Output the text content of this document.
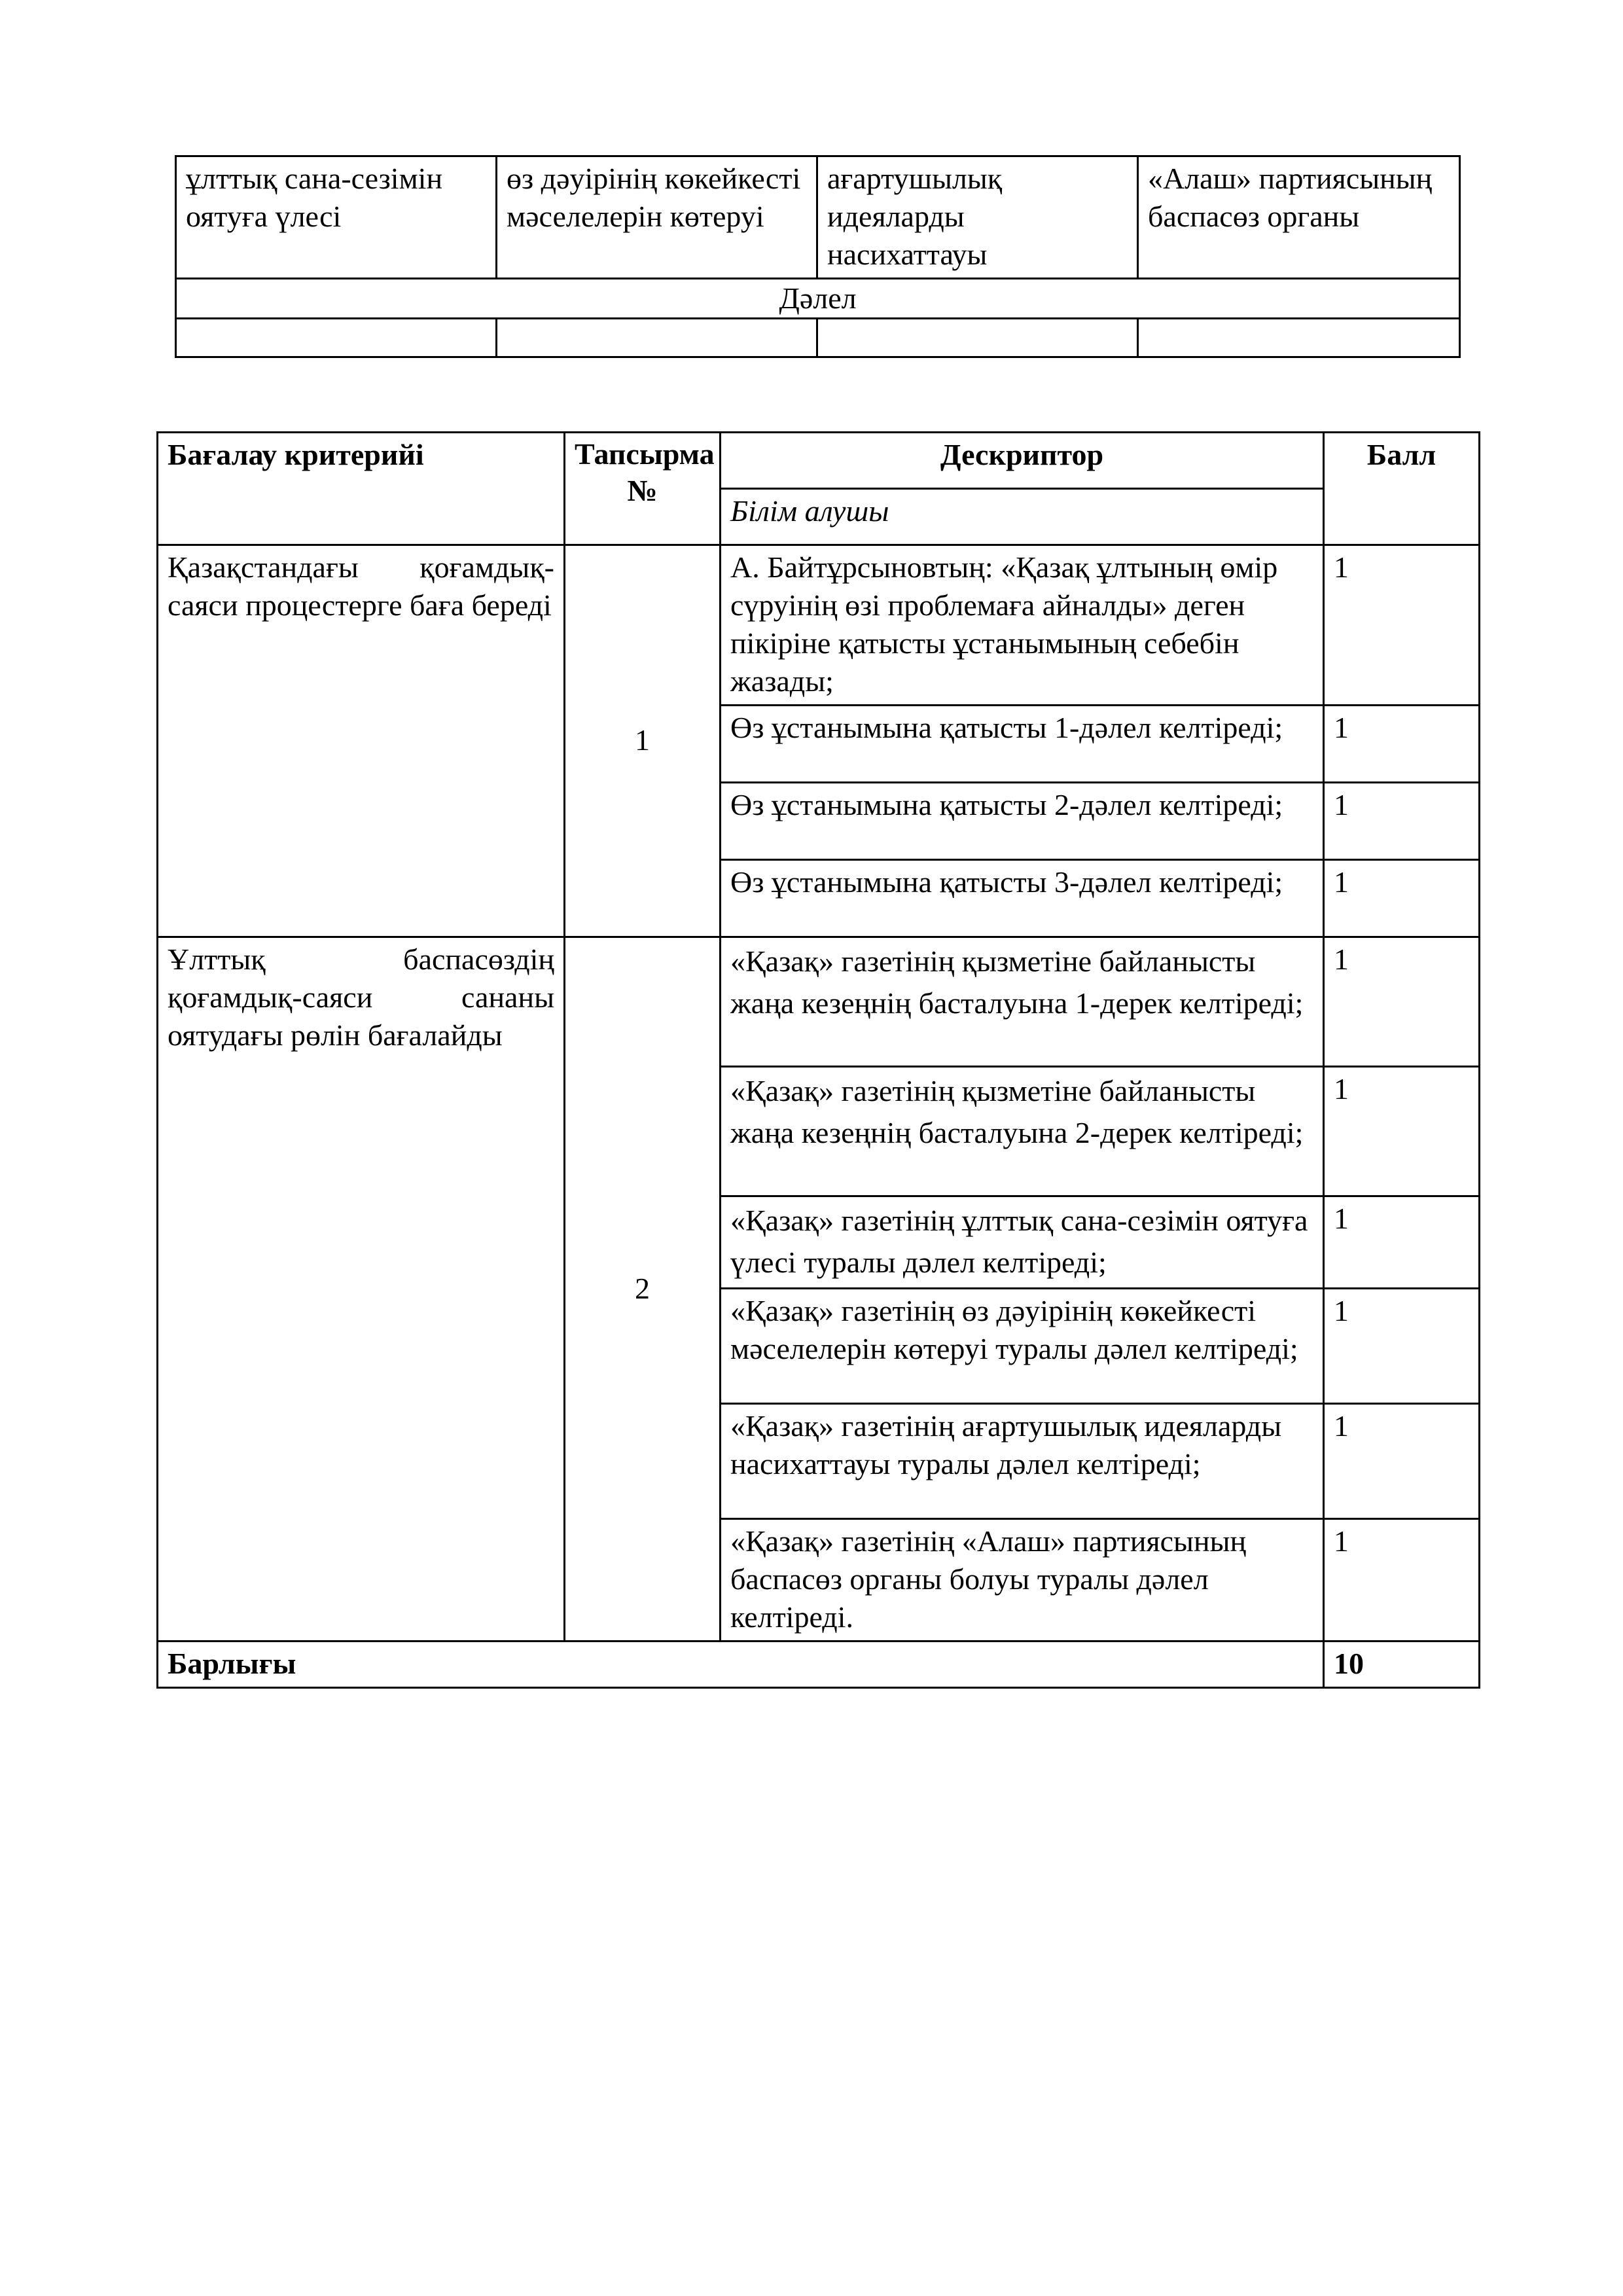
ұлттық сана-сезімін оятуға үлесі	өз дәуірінің көкейкесті мәселелерін көтеруі	ағартушылық идеяларды насихаттауы	«Алаш» партиясының баспасөз органы
Дәлел			

Бағалау критерийі	Тапсырма №	Дескриптор	Балл
		Білім алушы	
Қазақстандағы қоғамдық-саяси процестерге баға береді	1	А. Байтұрсыновтың: «Қазақ ұлтының өмір сүруінің өзі проблемаға айналды» деген пікіріне қатысты ұстанымының себебін жазады;	1
		Өз ұстанымына қатысты 1-дәлел келтіреді;	1
		Өз ұстанымына қатысты 2-дәлел келтіреді;	1
		Өз ұстанымына қатысты 3-дәлел келтіреді;	1
Ұлттық баспасөздің қоғамдық-саяси сананы оятудағы рөлін бағалайды	2	«Қазақ» газетінің қызметіне байланысты жаңа кезеңнің басталуына 1-дерек келтіреді;	1
		«Қазақ» газетінің қызметіне байланысты жаңа кезеңнің басталуына 2-дерек келтіреді;	1
		«Қазақ» газетінің ұлттық сана-сезімін оятуға үлесі туралы дәлел келтіреді;	1
		«Қазақ» газетінің өз дәуірінің көкейкесті мәселелерін көтеруі туралы дәлел келтіреді;	1
		«Қазақ» газетінің ағартушылық идеяларды насихаттауы туралы дәлел келтіреді;	1
		«Қазақ» газетінің «Алаш» партиясының баспасөз органы болуы туралы дәлел келтіреді.	1
Барлығы			10
